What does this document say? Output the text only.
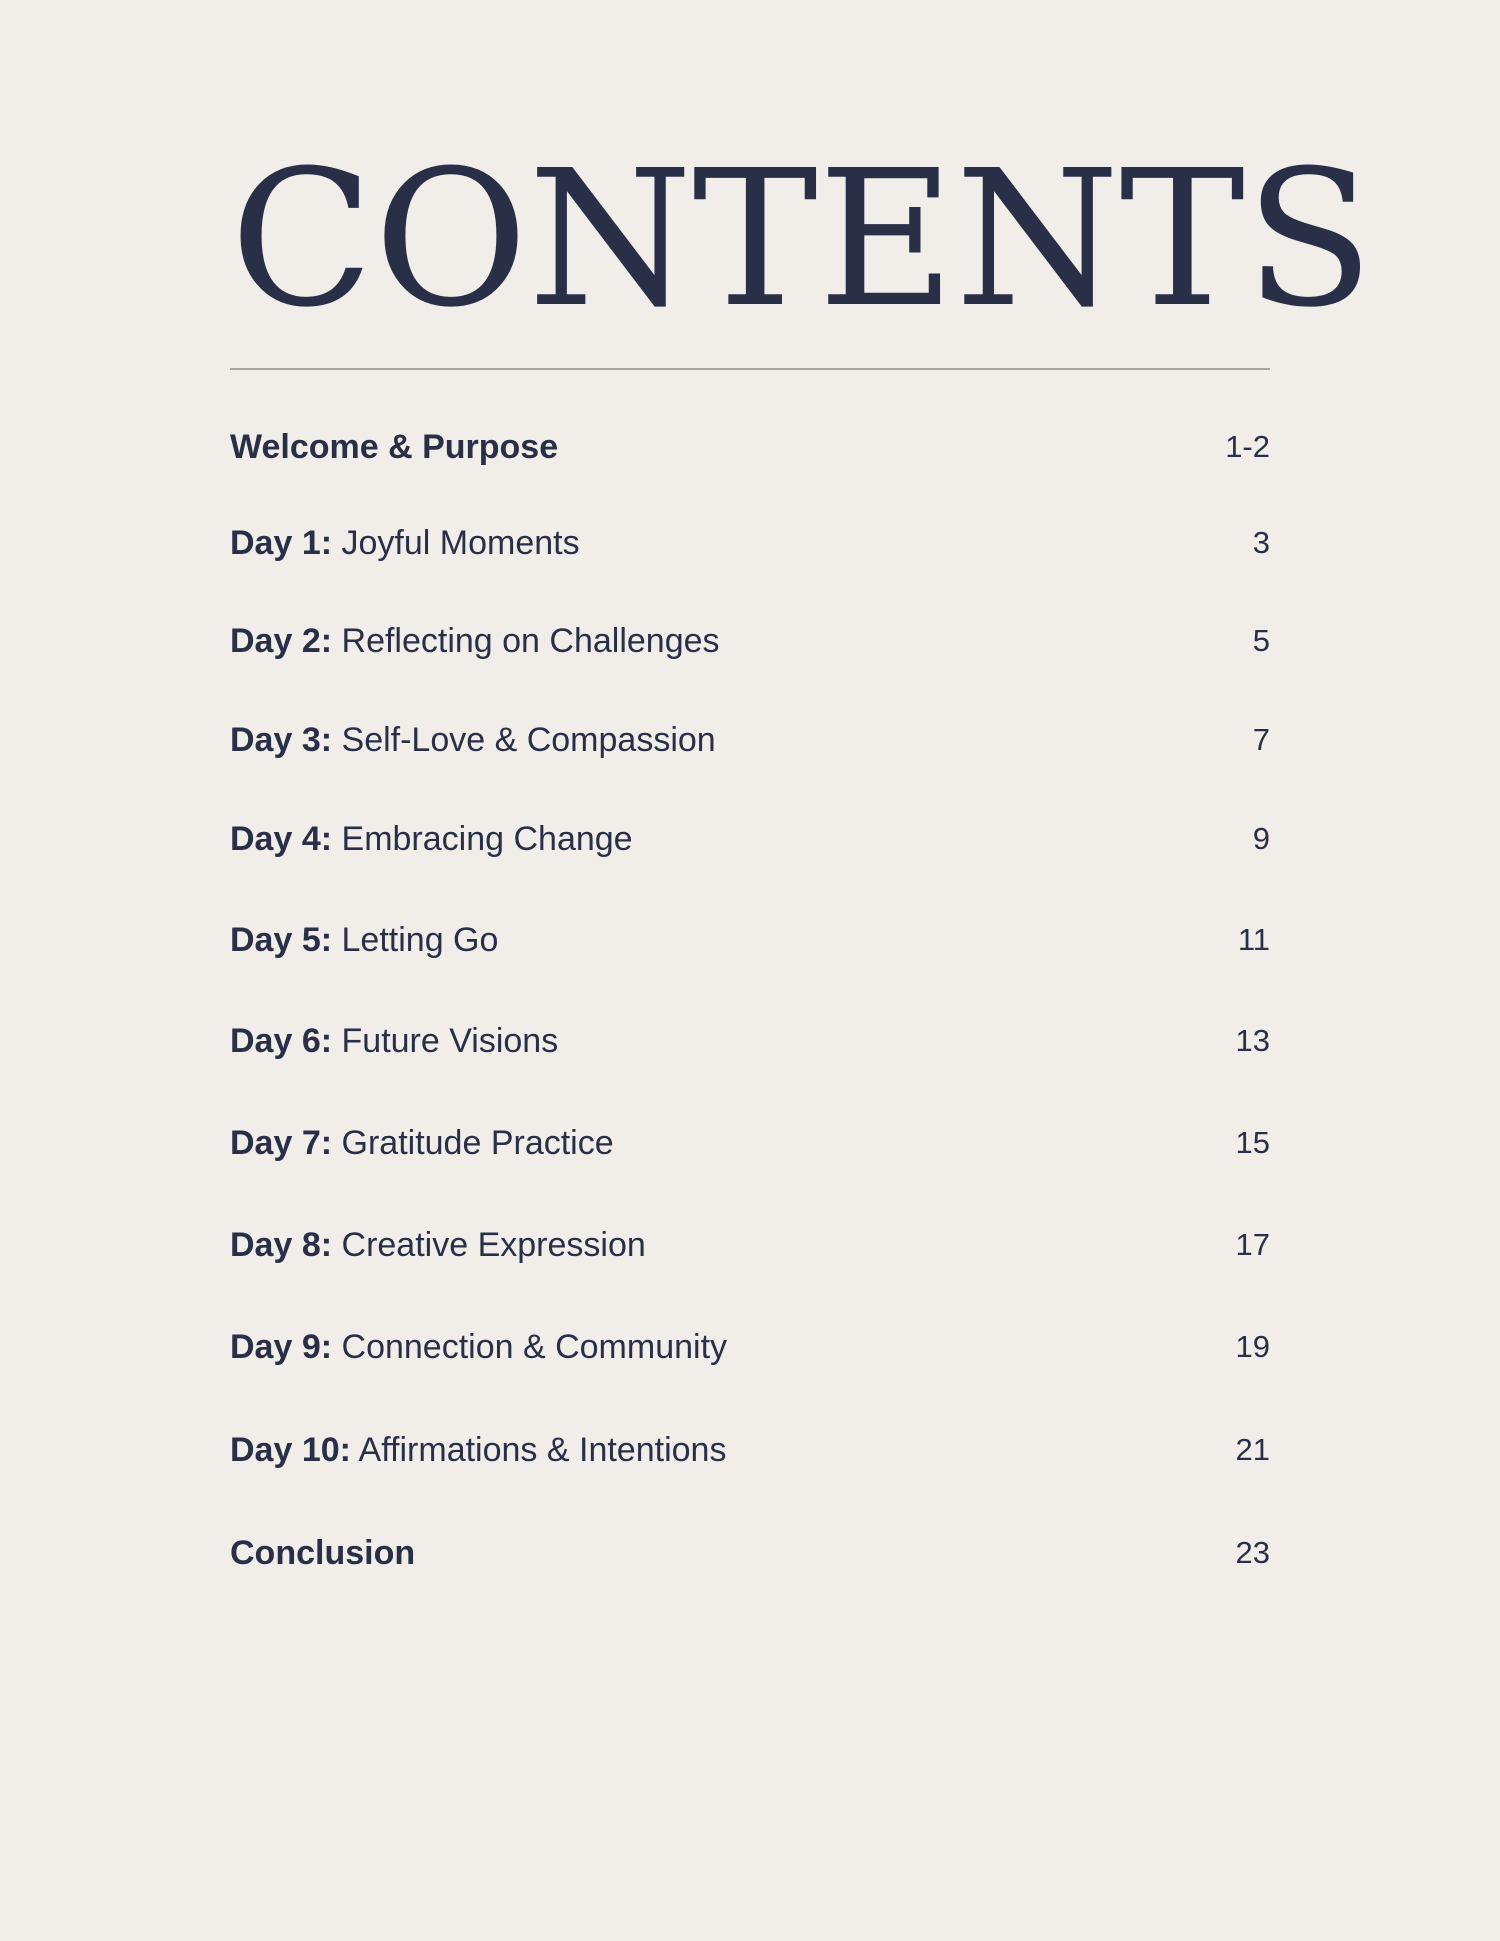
CONTENTS
Welcome & Purpose	1-2
Day 1: Joyful Moments	3
Day 2: Reflecting on Challenges	5
Day 3: Self-Love & Compassion	7
Day 4: Embracing Change	9
Day 5: Letting Go	11
Day 6: Future Visions	13
Day 7: Gratitude Practice	15
Day 8: Creative Expression	17
Day 9: Connection & Community	19
Day 10: Affirmations & Intentions	21
Conclusion	23
